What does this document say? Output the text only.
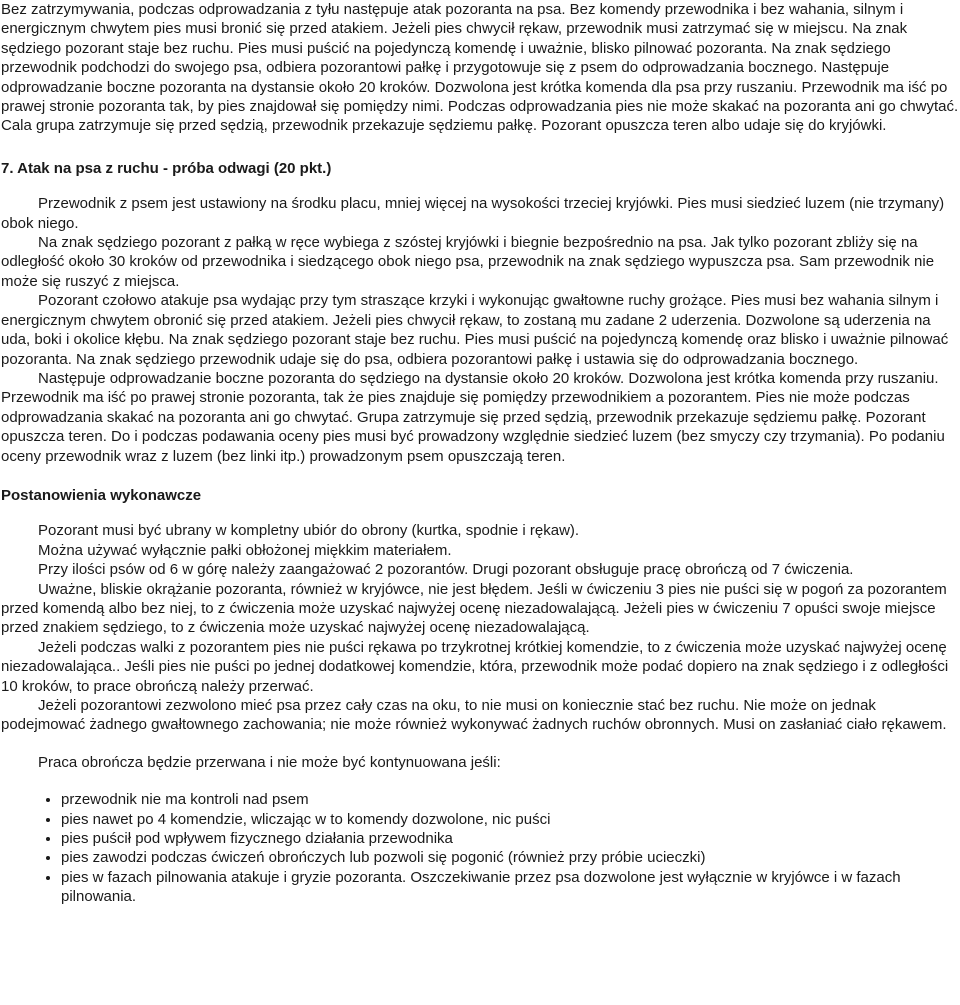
Bez zatrzymywania, podczas odprowadzania z tyłu następuje atak pozoranta na psa. Bez komendy przewodnika i bez wahania, silnym i energicznym chwytem pies musi bronić się przed atakiem. Jeżeli pies chwycił rękaw, przewodnik musi zatrzymać się w miejscu. Na znak sędziego pozorant staje bez ruchu. Pies musi puścić na pojedynczą komendę i uważnie, blisko pilnować pozoranta. Na znak sędziego przewodnik podchodzi do swojego psa, odbiera pozorantowi pałkę i przygotowuje się z psem do odprowadzania bocznego. Następuje odprowadzanie boczne pozoranta na dystansie około 20 kroków. Dozwolona jest krótka komenda dla psa przy ruszaniu. Przewodnik ma iść po prawej stronie pozoranta tak, by pies znajdował się pomiędzy nimi. Podczas odprowadzania pies nie może skakać na pozoranta ani go chwytać. Cala grupa zatrzymuje się przed sędzią, przewodnik przekazuje sędziemu pałkę. Pozorant opuszcza teren albo udaje się do kryjówki.

7. Atak na psa z ruchu - próba odwagi (20 pkt.)

Przewodnik z psem jest ustawiony na środku placu, mniej więcej na wysokości trzeciej kryjówki. Pies musi siedzieć luzem (nie trzymany) obok niego.

Na znak sędziego pozorant z pałką w ręce wybiega z szóstej kryjówki i biegnie bezpośrednio na psa. Jak tylko pozorant zbliży się na odległość około 30 kroków od przewodnika i siedzącego obok niego psa, przewodnik na znak sędziego wypuszcza psa. Sam przewodnik nie może się ruszyć z miejsca.

Pozorant czołowo atakuje psa wydając przy tym straszące krzyki i wykonując gwałtowne ruchy grożące. Pies musi bez wahania silnym i energicznym chwytem obronić się przed atakiem. Jeżeli pies chwycił rękaw, to zostaną mu zadane 2 uderzenia. Dozwolone są uderzenia na uda, boki i okolice kłębu. Na znak sędziego pozorant staje bez ruchu. Pies musi puścić na pojedynczą komendę oraz blisko i uważnie pilnować pozoranta. Na znak sędziego przewodnik udaje się do psa, odbiera pozorantowi pałkę i ustawia się do odprowadzania bocznego.

Następuje odprowadzanie boczne pozoranta do sędziego na dystansie około 20 kroków. Dozwolona jest krótka komenda przy ruszaniu. Przewodnik ma iść po prawej stronie pozoranta, tak że pies znajduje się pomiędzy przewodnikiem a pozorantem. Pies nie może podczas odprowadzania skakać na pozoranta ani go chwytać. Grupa zatrzymuje się przed sędzią, przewodnik przekazuje sędziemu pałkę. Pozorant opuszcza teren. Do i podczas podawania oceny pies musi być prowadzony względnie siedzieć luzem (bez smyczy czy trzymania). Po podaniu oceny przewodnik wraz z luzem (bez linki itp.) prowadzonym psem opuszczają teren.

Postanowienia wykonawcze

Pozorant musi być ubrany w kompletny ubiór do obrony (kurtka, spodnie i rękaw).

Można używać wyłącznie pałki obłożonej miękkim materiałem.

Przy ilości psów od 6 w górę należy zaangażować 2 pozorantów. Drugi pozorant obsługuje pracę obrończą od 7 ćwiczenia.

Uważne, bliskie okrążanie pozoranta, również w kryjówce, nie jest błędem. Jeśli w ćwiczeniu 3 pies nie puści się w pogoń za pozorantem przed komendą albo bez niej, to z ćwiczenia może uzyskać najwyżej ocenę niezadowalającą. Jeżeli pies w ćwiczeniu 7 opuści swoje miejsce przed znakiem sędziego, to z ćwiczenia może uzyskać najwyżej ocenę niezadowalającą.

Jeżeli podczas walki z pozorantem pies nie puści rękawa po trzykrotnej krótkiej komendzie, to z ćwiczenia może uzyskać najwyżej ocenę niezadowalająca.. Jeśli pies nie puści po jednej dodatkowej komendzie, która, przewodnik może podać dopiero na znak sędziego i z odległości 10 kroków, to prace obrończą należy przerwać.

Jeżeli pozorantowi zezwolono mieć psa przez cały czas na oku, to nie musi on koniecznie stać bez ruchu. Nie może on jednak podejmować żadnego gwałtownego zachowania; nie może również wykonywać żadnych ruchów obronnych. Musi on zasłaniać ciało rękawem.

Praca obrończa będzie przerwana i nie może być kontynuowana jeśli:

• przewodnik nie ma kontroli nad psem
• pies nawet po 4 komendzie, wliczając w to komendy dozwolone, nic puści
• pies puścił pod wpływem fizycznego działania przewodnika
• pies zawodzi podczas ćwiczeń obrończych lub pozwoli się pogonić (również przy próbie ucieczki)
• pies w fazach pilnowania atakuje i gryzie pozoranta. Oszczekiwanie przez psa dozwolone jest wyłącznie w kryjówce i w fazach pilnowania.
